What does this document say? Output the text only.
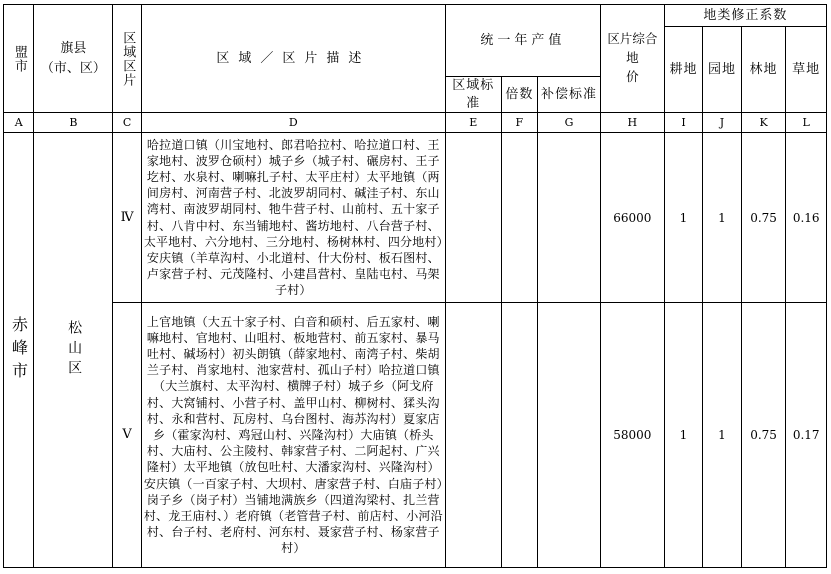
盟市	旗县
（市、区）	区域区片	区域／区片描述	统一年产值	区片综合
地
价
	地类修正系数
								耕地	园地	林地	草地
				区域标准	倍数	补偿标准					
A	B	C	D	E	F	G	H	I	J	K	L

赤峰市	松山区	Ⅳ	哈拉道口镇（川宝地村、郎君哈拉村、哈拉道口村、王家地村、波罗仓硕村）城子乡（城子村、碾房村、王子圪村、水泉村、喇嘛扎子村、太平庄村）太平地镇（两间房村、河南营子村、北波罗胡同村、碱洼子村、东山湾村、南波罗胡同村、牠牛营子村、山前村、五十家子村、八肯中村、东当铺地村、酱坊地村、八台营子村、太平地村、六分地村、三分地村、杨树林村、四分地村）安庆镇（羊草沟村、小北道村、什大份村、板石图村、卢家营子村、元茂隆村、小建昌营村、皇陆屯村、马架子村）				66000	1	1	0.75	0.16
		Ⅴ	上官地镇（大五十家子村、白音和硕村、后五家村、喇嘛地村、官地村、山咀村、板地营村、前五家村、暴马吐村、碱场村）初头朗镇（薛家地村、南湾子村、柴胡兰子村、肖家地村、池家营村、孤山子村）哈拉道口镇（大兰旗村、太平沟村、横牌子村）城子乡（阿戈府村、大窝铺村、小营子村、盖甲山村、柳树村、猱头沟村、永和营村、瓦房村、乌台图村、海苏沟村）夏家店乡（霍家沟村、鸡冠山村、兴隆沟村）大庙镇（桥头村、大庙村、公主陵村、韩家营子村、二阿起村、广兴隆村）太平地镇（放包吐村、大潘家沟村、兴隆沟村）安庆镇（一百家子村、大坝村、唐家营子村、白庙子村）岗子乡（岗子村）当铺地满族乡（四道沟梁村、扎兰营村、龙王庙村、）老府镇（老管营子村、前店村、小河沿村、台子村、老府村、河东村、聂家营子村、杨家营子村）				58000	1	1	0.75	0.17
